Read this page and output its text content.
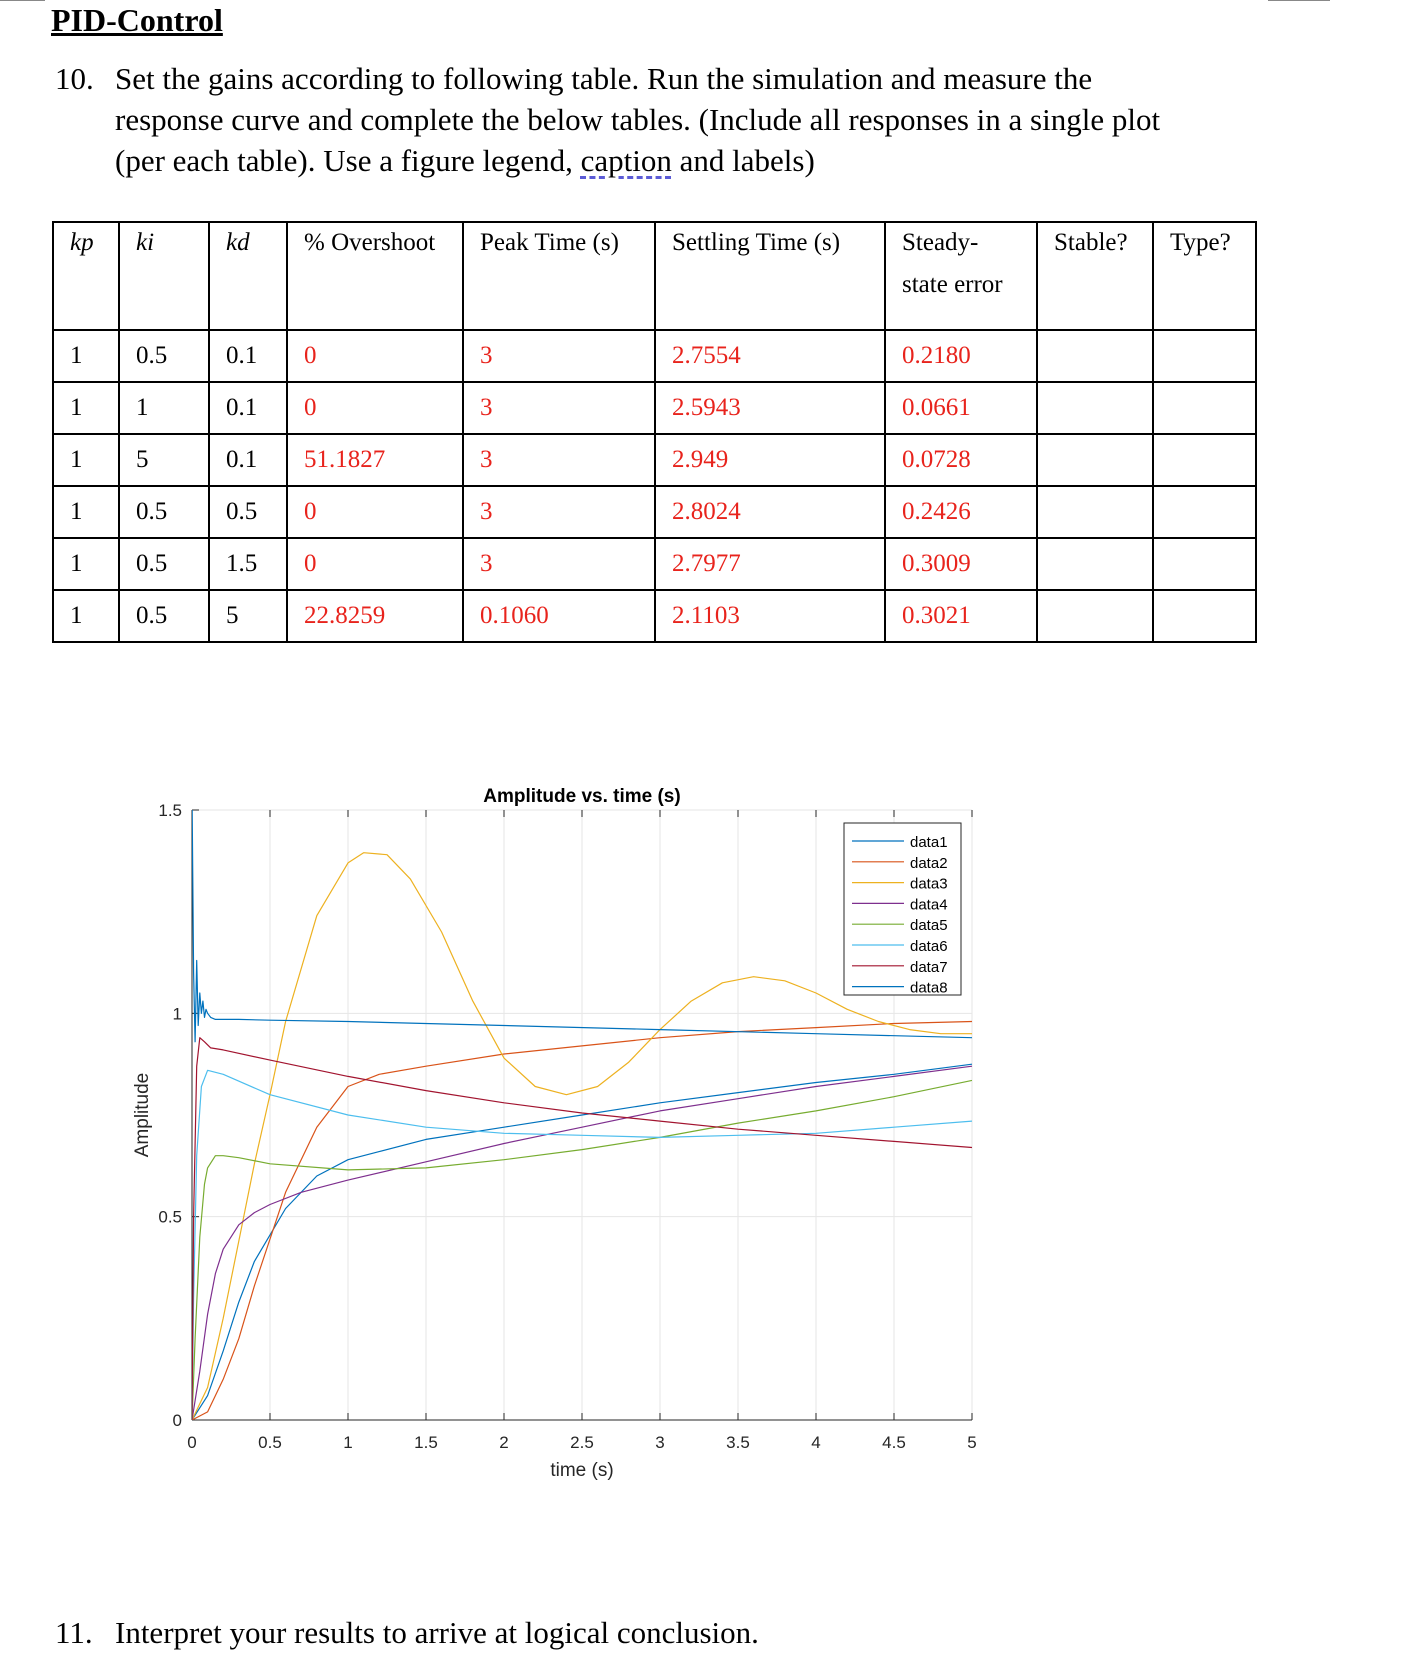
PID-Control
10. Set the gains according to following table. Run the simulation and measure the response curve and complete the below tables. (Include all responses in a single plot (per each table). Use a figure legend, caption and labels)
kp	ki	kd	% Overshoot	Peak Time (s)	Settling Time (s)	Steady-
state error	Stable?	Type?
1	0.5	0.1	0	3	2.7554	0.2180		
1	1	0.1	0	3	2.5943	0.0661		
1	5	0.1	51.1827	3	2.949	0.0728		
1	0.5	0.5	0	3	2.8024	0.2426		
1	0.5	1.5	0	3	2.7977	0.3009		
1	0.5	5	22.8259	0.1060	2.1103	0.3021		
0	0.5	1	1.5	2	2.5	3	3.5	4	4.5	5
0
0.5
1
1.5
Amplitude vs. time (s)
time (s)
Amplitude
data1
data2
data3
data4
data5
data6
data7
data8
11. Interpret your results to arrive at logical conclusion.
